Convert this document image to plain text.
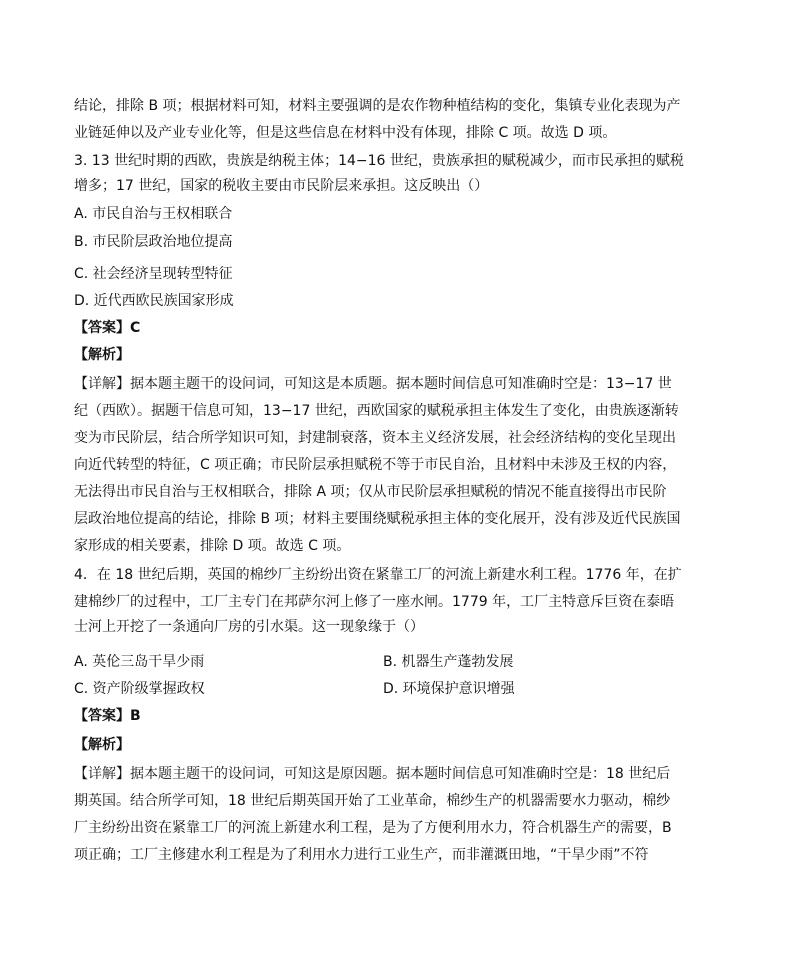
结论，排除 B 项；根据材料可知，材料主要强调的是农作物种植结构的变化，集镇专业化表现为产
业链延伸以及产业专业化等，但是这些信息在材料中没有体现，排除 C 项。故选 D 项。
3. 13 世纪时期的西欧，贵族是纳税主体；14−16 世纪，贵族承担的赋税减少，而市民承担的赋税
增多；17 世纪，国家的税收主要由市民阶层来承担。这反映出（）
A. 市民自治与王权相联合
B. 市民阶层政治地位提高
C. 社会经济呈现转型特征
D. 近代西欧民族国家形成
【答案】C
【解析】
【详解】据本题主题干的设问词，可知这是本质题。据本题时间信息可知准确时空是：13−17 世
纪（西欧）。据题干信息可知，13−17 世纪，西欧国家的赋税承担主体发生了变化，由贵族逐渐转
变为市民阶层，结合所学知识可知，封建制衰落，资本主义经济发展，社会经济结构的变化呈现出
向近代转型的特征，C 项正确；市民阶层承担赋税不等于市民自治，且材料中未涉及王权的内容，
无法得出市民自治与王权相联合，排除 A 项；仅从市民阶层承担赋税的情况不能直接得出市民阶
层政治地位提高的结论，排除 B 项；材料主要围绕赋税承担主体的变化展开，没有涉及近代民族国
家形成的相关要素，排除 D 项。故选 C 项。
4．在 18 世纪后期，英国的棉纱厂主纷纷出资在紧靠工厂的河流上新建水利工程。1776 年，在扩
建棉纱厂的过程中，工厂主专门在邦萨尔河上修了一座水闸。1779 年，工厂主特意斥巨资在泰晤
士河上开挖了一条通向厂房的引水渠。这一现象缘于（）
A. 英伦三岛干旱少雨	B. 机器生产蓬勃发展
C. 资产阶级掌握政权	D. 环境保护意识增强
【答案】B
【解析】
【详解】据本题主题干的设问词，可知这是原因题。据本题时间信息可知准确时空是：18 世纪后
期英国。结合所学可知，18 世纪后期英国开始了工业革命，棉纱生产的机器需要水力驱动，棉纱
厂主纷纷出资在紧靠工厂的河流上新建水利工程，是为了方便利用水力，符合机器生产的需要，B
项正确；工厂主修建水利工程是为了利用水力进行工业生产，而非灌溉田地，“干旱少雨”不符
